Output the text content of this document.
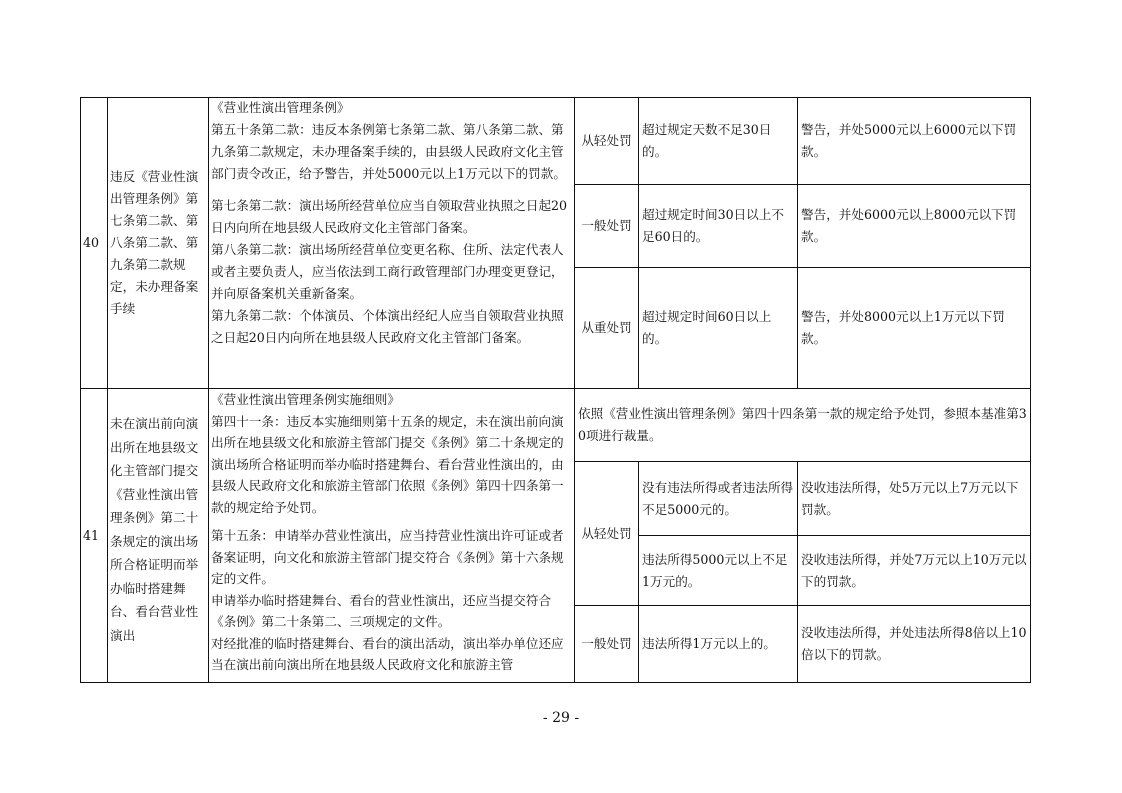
40
违反《营业性演出管理条例》第七条第二款、第八条第二款、第九条第二款规定，未办理备案手续
《营业性演出管理条例》
第五十条第二款：违反本条例第七条第二款、第八条第二款、第九条第二款规定，未办理备案手续的，由县级人民政府文化主管部门责令改正，给予警告，并处5000元以上1万元以下的罚款。
第七条第二款：演出场所经营单位应当自领取营业执照之日起20日内向所在地县级人民政府文化主管部门备案。
第八条第二款：演出场所经营单位变更名称、住所、法定代表人或者主要负责人，应当依法到工商行政管理部门办理变更登记，并向原备案机关重新备案。
第九条第二款：个体演员、个体演出经纪人应当自领取营业执照之日起20日内向所在地县级人民政府文化主管部门备案。
从轻处罚
超过规定天数不足30日的。
警告，并处5000元以上6000元以下罚款。
一般处罚
超过规定时间30日以上不足60日的。
警告，并处6000元以上8000元以下罚款。
从重处罚
超过规定时间60日以上的。
警告，并处8000元以上1万元以下罚款。
41
未在演出前向演出所在地县级文化主管部门提交《营业性演出管理条例》第二十条规定的演出场所合格证明而举办临时搭建舞台、看台营业性演出
《营业性演出管理条例实施细则》
第四十一条：违反本实施细则第十五条的规定，未在演出前向演出所在地县级文化和旅游主管部门提交《条例》第二十条规定的演出场所合格证明而举办临时搭建舞台、看台营业性演出的，由县级人民政府文化和旅游主管部门依照《条例》第四十四条第一款的规定给予处罚。
第十五条：申请举办营业性演出，应当持营业性演出许可证或者备案证明，向文化和旅游主管部门提交符合《条例》第十六条规定的文件。
申请举办临时搭建舞台、看台的营业性演出，还应当提交符合《条例》第二十条第二、三项规定的文件。
对经批准的临时搭建舞台、看台的演出活动，演出举办单位还应当在演出前向演出所在地县级人民政府文化和旅游主管
依照《营业性演出管理条例》第四十四条第一款的规定给予处罚，参照本基准第30项进行裁量。
从轻处罚
没有违法所得或者违法所得不足5000元的。
没收违法所得，处5万元以上7万元以下罚款。
违法所得5000元以上不足1万元的。
没收违法所得，并处7万元以上10万元以下的罚款。
一般处罚 违法所得1万元以上的。
没收违法所得，并处违法所得8倍以上10倍以下的罚款。
- 29 -
